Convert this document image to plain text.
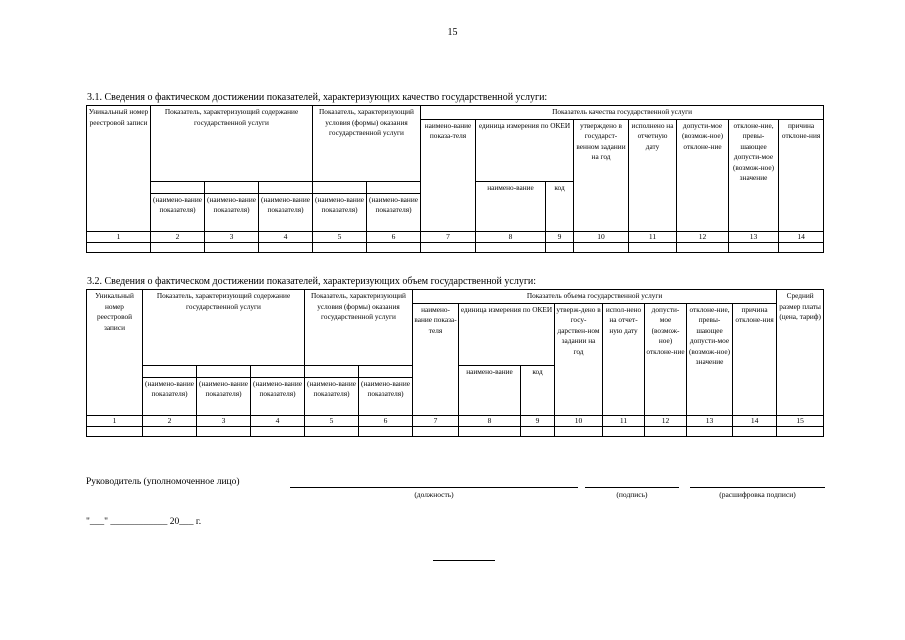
15
3.1. Сведения о фактическом достижении показателей, характеризующих качество государственной услуги:
Уникальный номер реестровой записи	Показатель, характеризующий содержание государственной услуги			Показатель, характеризующий условия (формы) оказания государственной услуги		Показатель качества государственной услуги							
						наимено-вание показа-теля	единица измерения по ОКЕИ		утверждено в государст-венном задании на год	исполнено на отчетную дату	допусти-мое (возмож-ное) отклоне-ние	отклоне-ние, превы-шающее допусти-мое (возмож-ное) значение	причина отклоне-ния
							наимено-вание	код					
	(наимено-вание показателя)	(наимено-вание показателя)	(наимено-вание показателя)	(наимено-вание показателя)	(наимено-вание показателя)								
1	2	3	4	5	6	7	8	9	10	11	12	13	14

3.2. Сведения о фактическом достижении показателей, характеризующих объем государственной услуги:
Уникальный номер реестровой записи	Показатель, характеризующий содержание государственной услуги			Показатель, характеризующий условия (формы) оказания государственной услуги		Показатель объема государственной услуги								Средний размер платы (цена, тариф)
						наимено-вание показа-теля	единица измерения по ОКЕИ		утверж-дено в госу-дарствен-ном задании на год	испол-нено на отчет-ную дату	допусти-мое (возмож-ное) отклоне-ние	отклоне-ние, превы-шающее допусти-мое (возмож-ное) значение	причина отклоне-ния	
							наимено-вание	код						
	(наимено-вание показателя)	(наимено-вание показателя)	(наимено-вание показателя)	(наимено-вание показателя)	(наимено-вание показателя)									
1	2	3	4	5	6	7	8	9	10	11	12	13	14	15

Руководитель (уполномоченное лицо)
(должность)	(подпись)	(расшифровка подписи)
"___" ____________ 20___ г.
